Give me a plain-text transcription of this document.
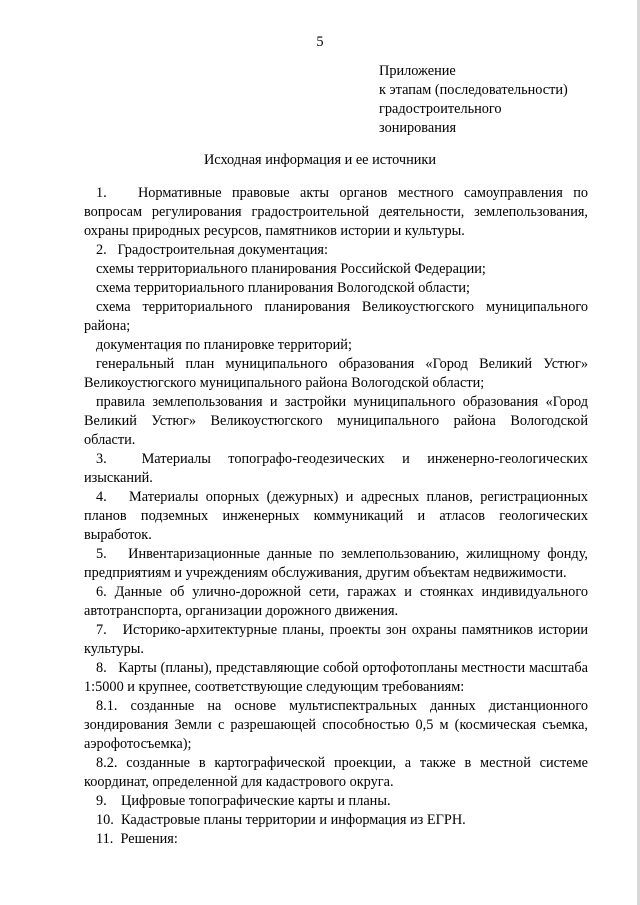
5
Приложение
к этапам (последовательности)
градостроительного
зонирования
Исходная информация и ее источники

1.   Нормативные правовые акты органов местного самоуправления по вопросам регулирования градостроительной деятельности, землепользования, охраны природных ресурсов, памятников истории и культуры.

2.   Градостроительная документация:

схемы территориального планирования Российской Федерации;

схема территориального планирования Вологодской области;

схема территориального планирования Великоустюгского муниципального района;

документация по планировке территорий;

генеральный план муниципального образования «Город Великий Устюг» Великоустюгского муниципального района Вологодской области;

правила землепользования и застройки муниципального образования «Город Великий Устюг» Великоустюгского муниципального района Вологодской области.

3.  Материалы топографо-геодезических и инженерно-геологических изысканий.

4.   Материалы опорных (дежурных) и адресных планов, регистрационных планов подземных инженерных коммуникаций и атласов геологических выработок.

5.   Инвентаризационные данные по землепользованию, жилищному фонду, предприятиям и учреждениям обслуживания, другим объектам недвижимости.

6. Данные об улично-дорожной сети, гаражах и стоянках индивидуального автотранспорта, организации дорожного движения.

7.   Историко-архитектурные планы, проекты зон охраны памятников истории культуры.

8.   Карты (планы), представляющие собой ортофотопланы местности масштаба 1:5000 и крупнее, соответствующие следующим требованиям:

8.1. созданные на основе мультиспектральных данных дистанционного зондирования Земли с разрешающей способностью 0,5 м (космическая съемка, аэрофотосъемка);

8.2. созданные в картографической проекции, а также в местной системе координат, определенной для кадастрового округа.

9.    Цифровые топографические карты и планы.

10.  Кадастровые планы территории и информация из ЕГРН.

11.  Решения:
